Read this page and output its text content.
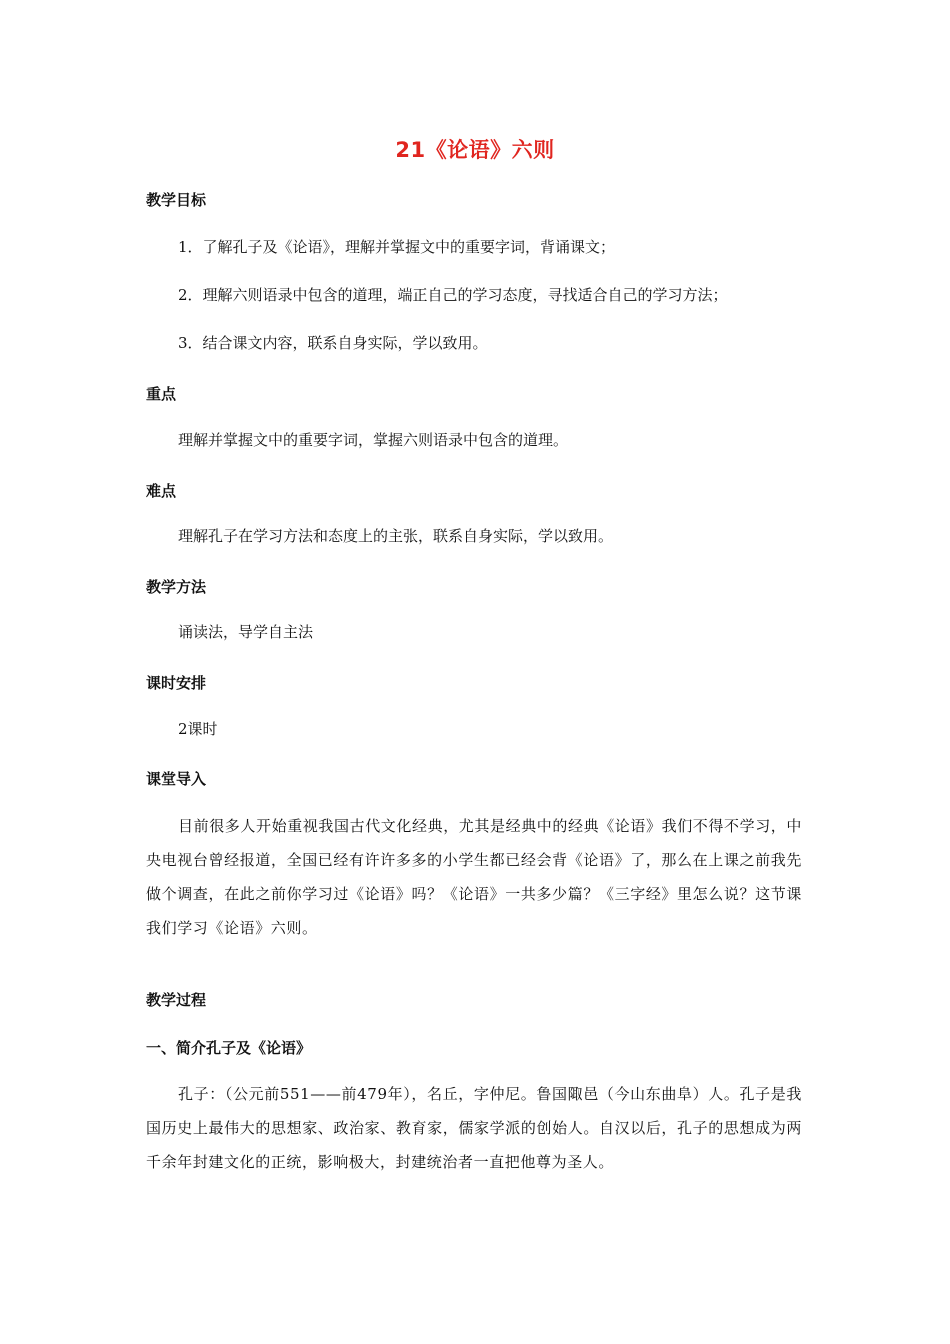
21《论语》六则
教学目标
1．了解孔子及《论语》，理解并掌握文中的重要字词，背诵课文；
2．理解六则语录中包含的道理，端正自己的学习态度，寻找适合自己的学习方法；
3．结合课文内容，联系自身实际，学以致用。
重点
理解并掌握文中的重要字词，掌握六则语录中包含的道理。
难点
理解孔子在学习方法和态度上的主张，联系自身实际，学以致用。
教学方法
诵读法，导学自主法
课时安排
2课时
课堂导入
目前很多人开始重视我国古代文化经典，尤其是经典中的经典《论语》我们不得不学习，中央电视台曾经报道，全国已经有许许多多的小学生都已经会背《论语》了，那么在上课之前我先做个调查，在此之前你学习过《论语》吗？《论语》一共多少篇？《三字经》里怎么说？这节课我们学习《论语》六则。
教学过程
一、简介孔子及《论语》
孔子：（公元前551——前479年），名丘，字仲尼。鲁国陬邑（今山东曲阜）人。孔子是我国历史上最伟大的思想家、政治家、教育家，儒家学派的创始人。自汉以后，孔子的思想成为两千余年封建文化的正统，影响极大，封建统治者一直把他尊为圣人。
